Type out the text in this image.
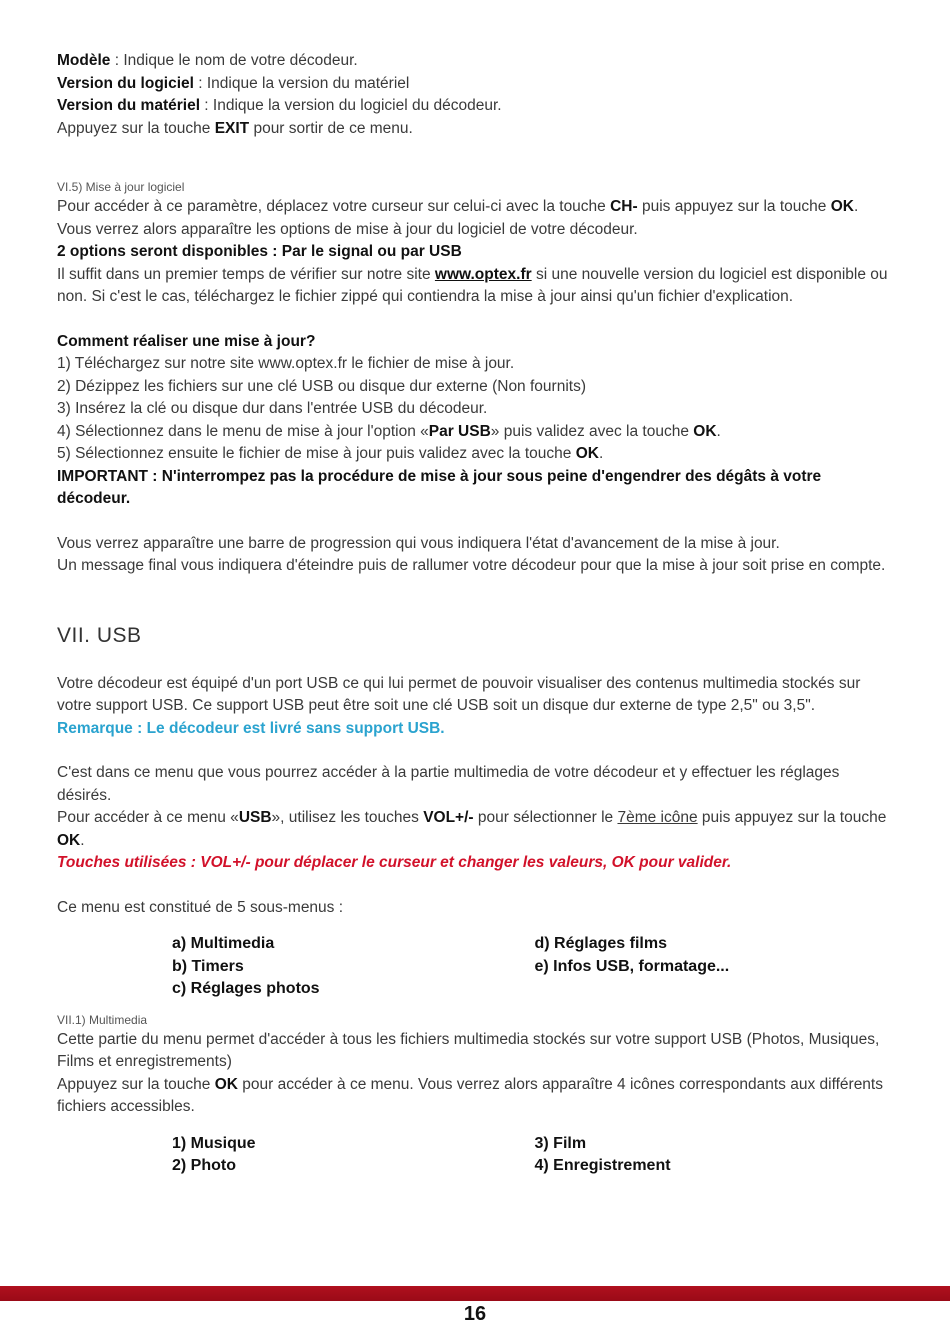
Modèle : Indique le nom de votre décodeur.

Version du logiciel : Indique la version du matériel

Version du matériel : Indique la version du logiciel du décodeur.

Appuyez sur la touche EXIT pour sortir de ce menu.

VI.5) Mise à jour logiciel

Pour accéder à ce paramètre, déplacez votre curseur sur celui-ci avec la touche CH- puis appuyez sur la touche OK. Vous verrez alors apparaître les options de mise à jour du logiciel de votre décodeur.

2 options seront disponibles : Par le signal ou par USB

Il suffit dans un premier temps de vérifier sur notre site www.optex.fr si une nouvelle version du logiciel est disponible ou non. Si c'est le cas, téléchargez le fichier zippé qui contiendra la mise à jour ainsi qu'un fichier d'explication.

Comment réaliser une mise à jour?

1) Téléchargez sur notre site www.optex.fr le fichier de mise à jour.

2) Dézippez les fichiers sur une clé USB ou disque dur externe (Non fournits)

3) Insérez la clé ou disque dur dans l'entrée USB du décodeur.

4) Sélectionnez dans le menu de mise à jour l'option «Par USB» puis validez avec la touche OK.

5) Sélectionnez ensuite le fichier de mise à jour puis validez avec la touche OK.

IMPORTANT : N'interrompez pas la procédure de mise à jour sous peine d'engendrer des dégâts à votre décodeur.

Vous verrez apparaître une barre de progression qui vous indiquera l'état d'avancement de la mise à jour.

Un message final vous indiquera d'éteindre puis de rallumer votre décodeur pour que la mise à jour soit prise en compte.

VII. USB

Votre décodeur est équipé d'un port USB ce qui lui permet de pouvoir visualiser des contenus multimedia stockés sur votre support USB. Ce support USB peut être soit une clé USB soit un disque dur externe de type 2,5" ou 3,5".

Remarque : Le décodeur est livré sans support USB.

C'est dans ce menu que vous pourrez accéder à la partie multimedia de votre décodeur et y effectuer les réglages désirés.

Pour accéder à ce menu «USB», utilisez les touches VOL+/- pour sélectionner le 7ème icône puis appuyez sur la touche OK.

Touches utilisées : VOL+/- pour déplacer le curseur et changer les valeurs, OK pour valider.

Ce menu est constitué de 5 sous-menus :

a) Multimedia
b) Timers
c) Réglages photos
d) Réglages films
e) Infos USB, formatage...

VII.1) Multimedia

Cette partie du menu permet d'accéder à tous les fichiers multimedia stockés sur votre support USB (Photos, Musiques, Films et enregistrements)

Appuyez sur la touche OK pour accéder à ce menu. Vous verrez alors apparaître 4 icônes correspondants aux différents fichiers accessibles.

1) Musique
2) Photo
3) Film
4) Enregistrement
16
